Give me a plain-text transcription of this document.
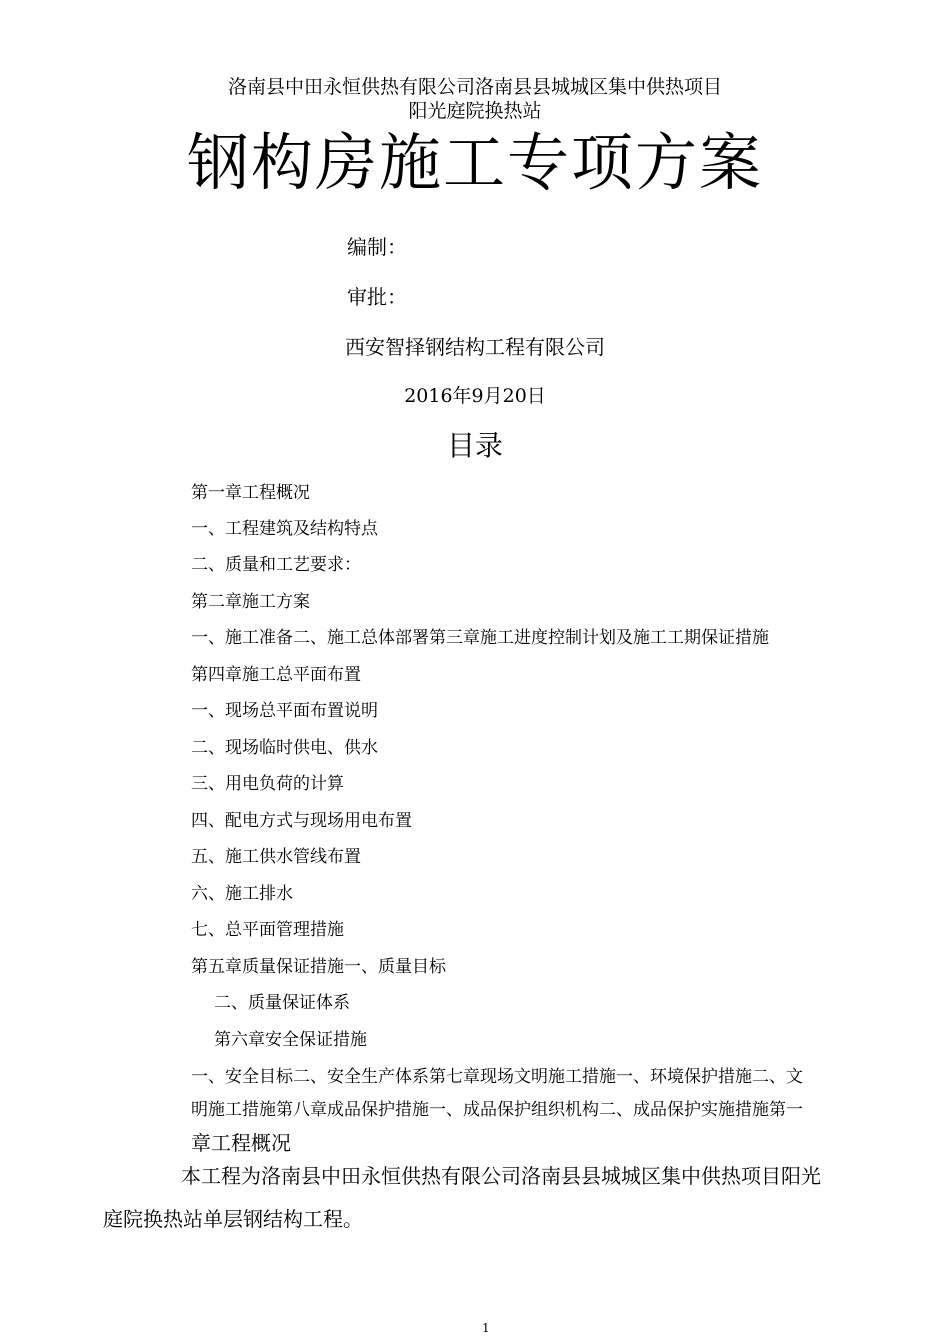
洛南县中田永恒供热有限公司洛南县县城城区集中供热项目
阳光庭院换热站
钢构房施工专项方案
编制：
审批：
西安智择钢结构工程有限公司
2016年9月20日
目录
第一章工程概况
一、工程建筑及结构特点
二、质量和工艺要求：
第二章施工方案
一、施工准备二、施工总体部署第三章施工进度控制计划及施工工期保证措施
第四章施工总平面布置
一、现场总平面布置说明
二、现场临时供电、供水
三、用电负荷的计算
四、配电方式与现场用电布置
五、施工供水管线布置
六、施工排水
七、总平面管理措施
第五章质量保证措施一、质量目标
二、质量保证体系
第六章安全保证措施
一、安全目标二、安全生产体系第七章现场文明施工措施一、环境保护措施二、文
明施工措施第八章成品保护措施一、成品保护组织机构二、成品保护实施措施第一
章工程概况
本工程为洛南县中田永恒供热有限公司洛南县县城城区集中供热项目阳光
庭院换热站单层钢结构工程。
1
